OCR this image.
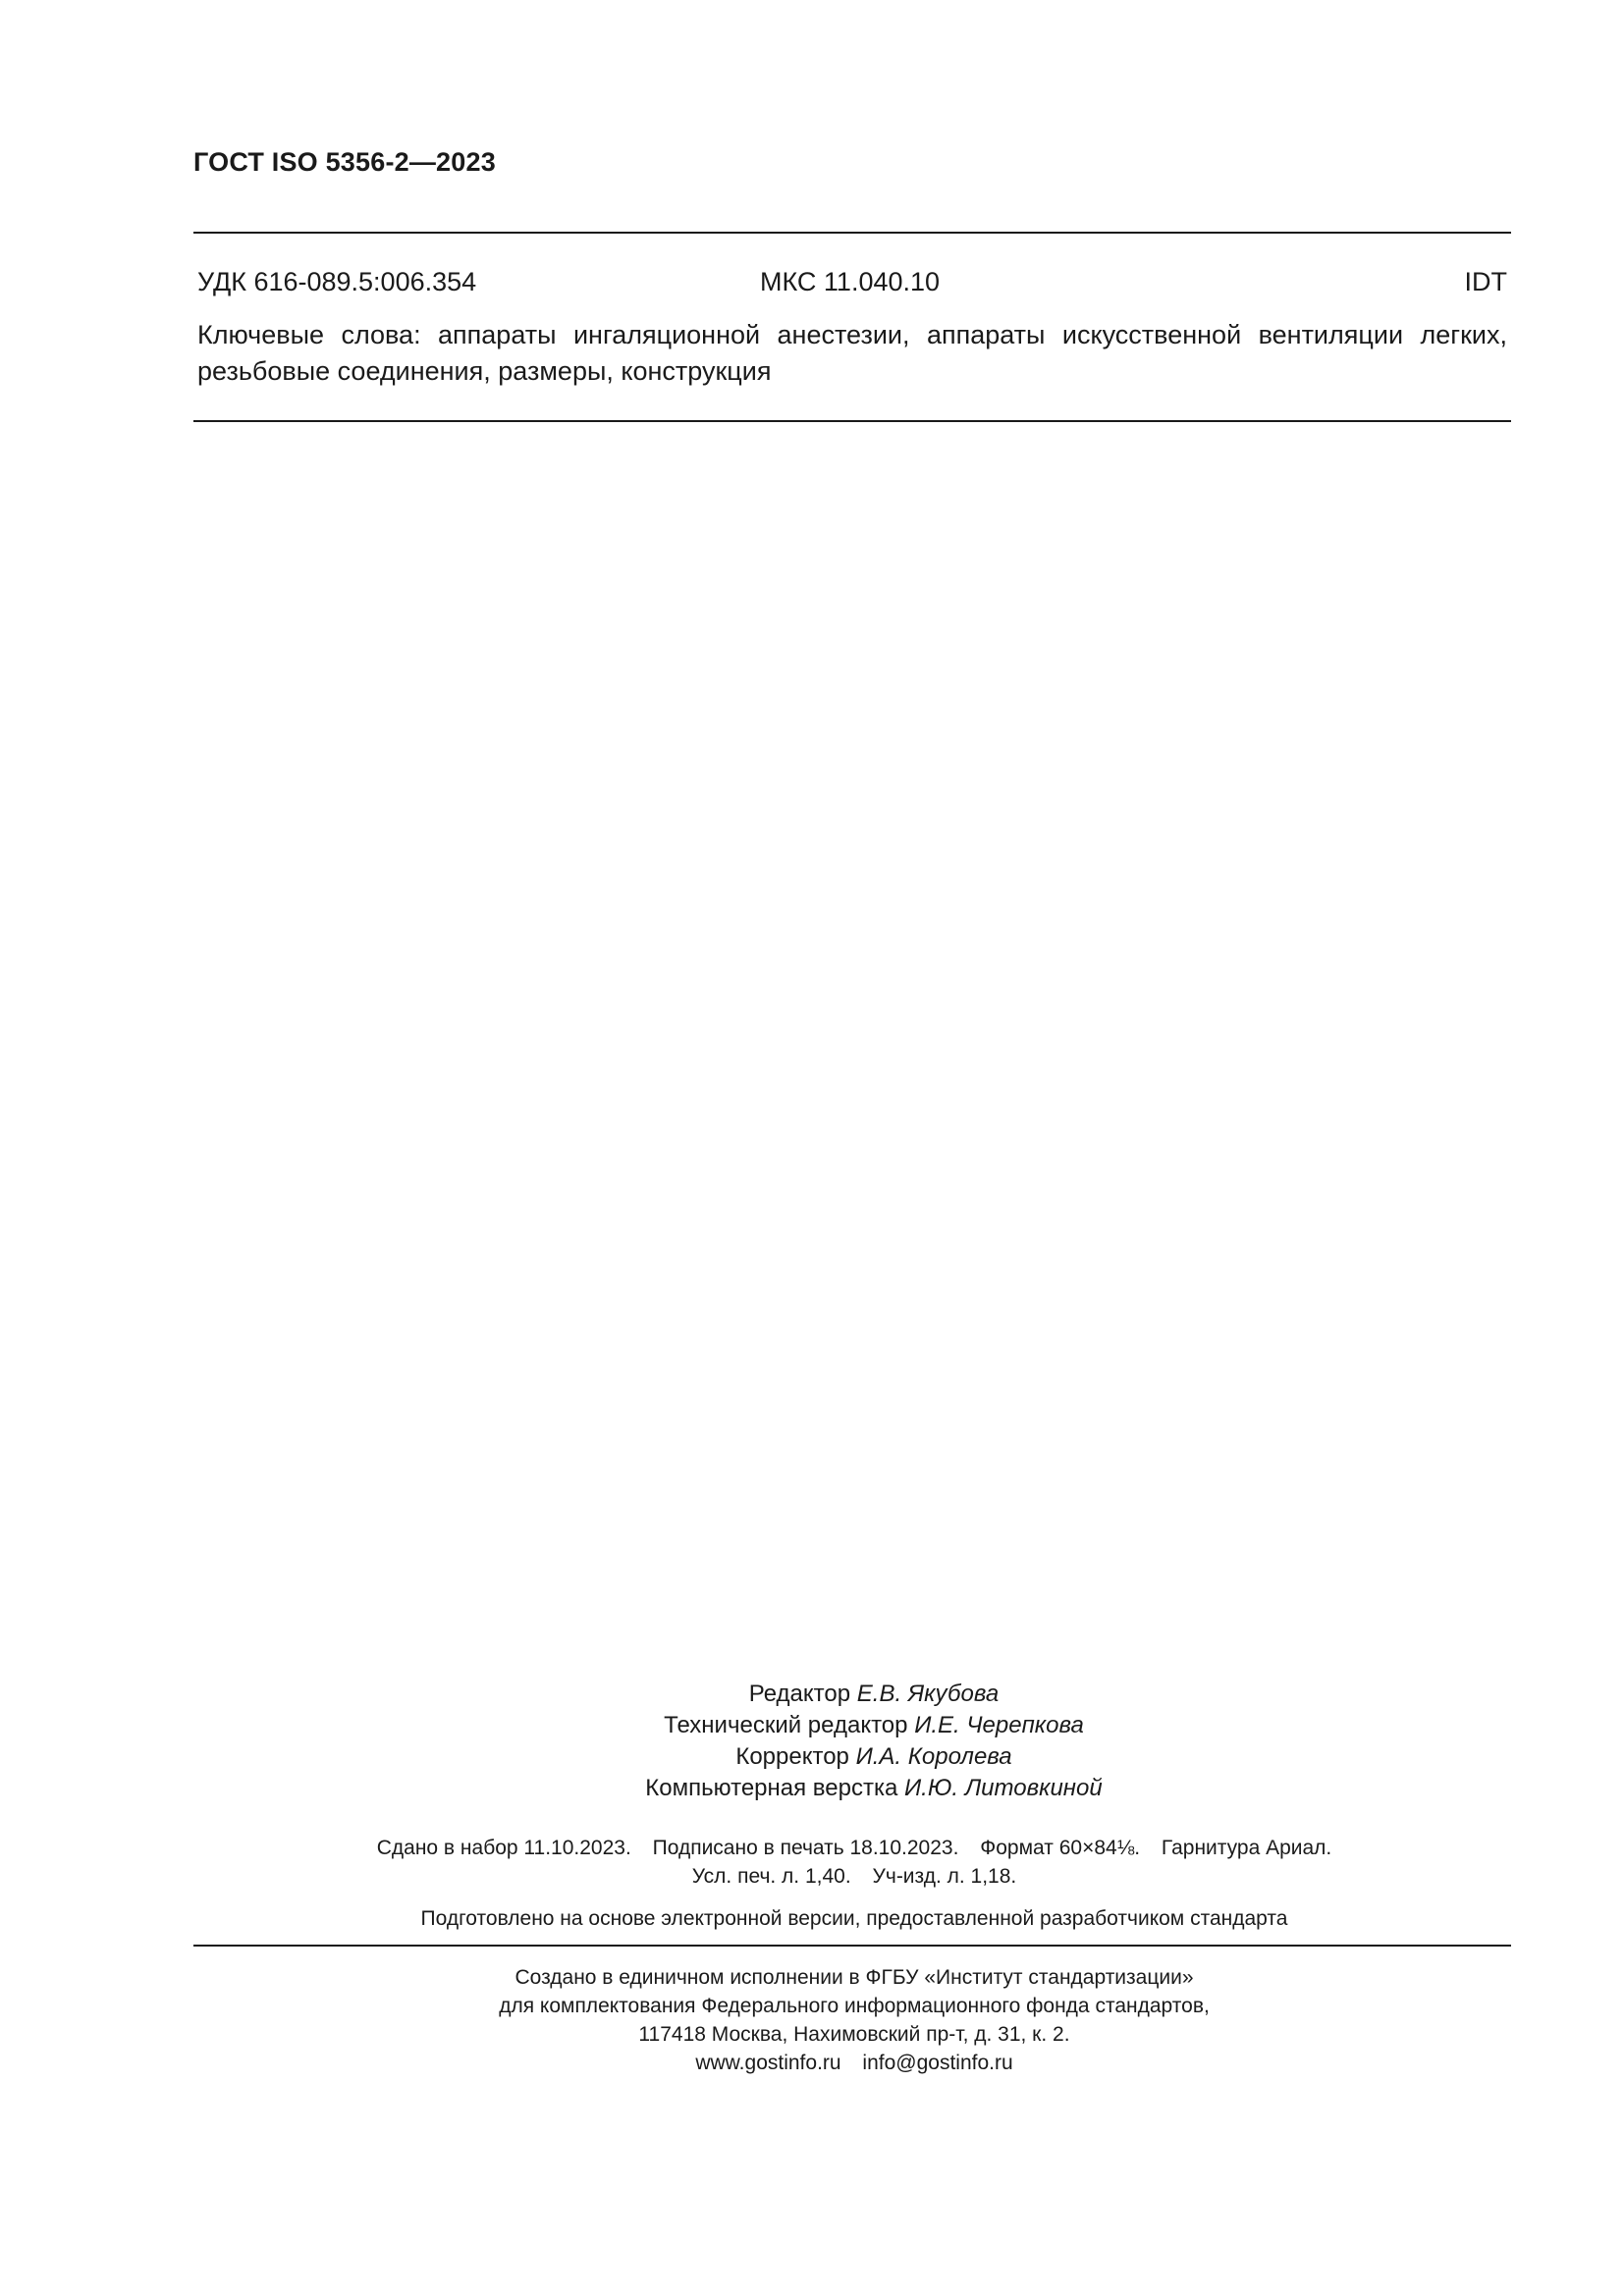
ГОСТ ISO 5356-2—2023
УДК 616-089.5:006.354	МКС 11.040.10	IDT
Ключевые слова: аппараты ингаляционной анестезии, аппараты искусственной вентиляции легких, резьбовые соединения, размеры, конструкция
Редактор Е.В. Якубова
Технический редактор И.Е. Черепкова
Корректор И.А. Королева
Компьютерная верстка И.Ю. Литовкиной
Сдано в набор 11.10.2023. Подписано в печать 18.10.2023. Формат 60×84⅛. Гарнитура Ариал.
Усл. печ. л. 1,40. Уч-изд. л. 1,18.
Подготовлено на основе электронной версии, предоставленной разработчиком стандарта
Создано в единичном исполнении в ФГБУ «Институт стандартизации»
для комплектования Федерального информационного фонда стандартов,
117418 Москва, Нахимовский пр-т, д. 31, к. 2.
www.gostinfo.ru info@gostinfo.ru
